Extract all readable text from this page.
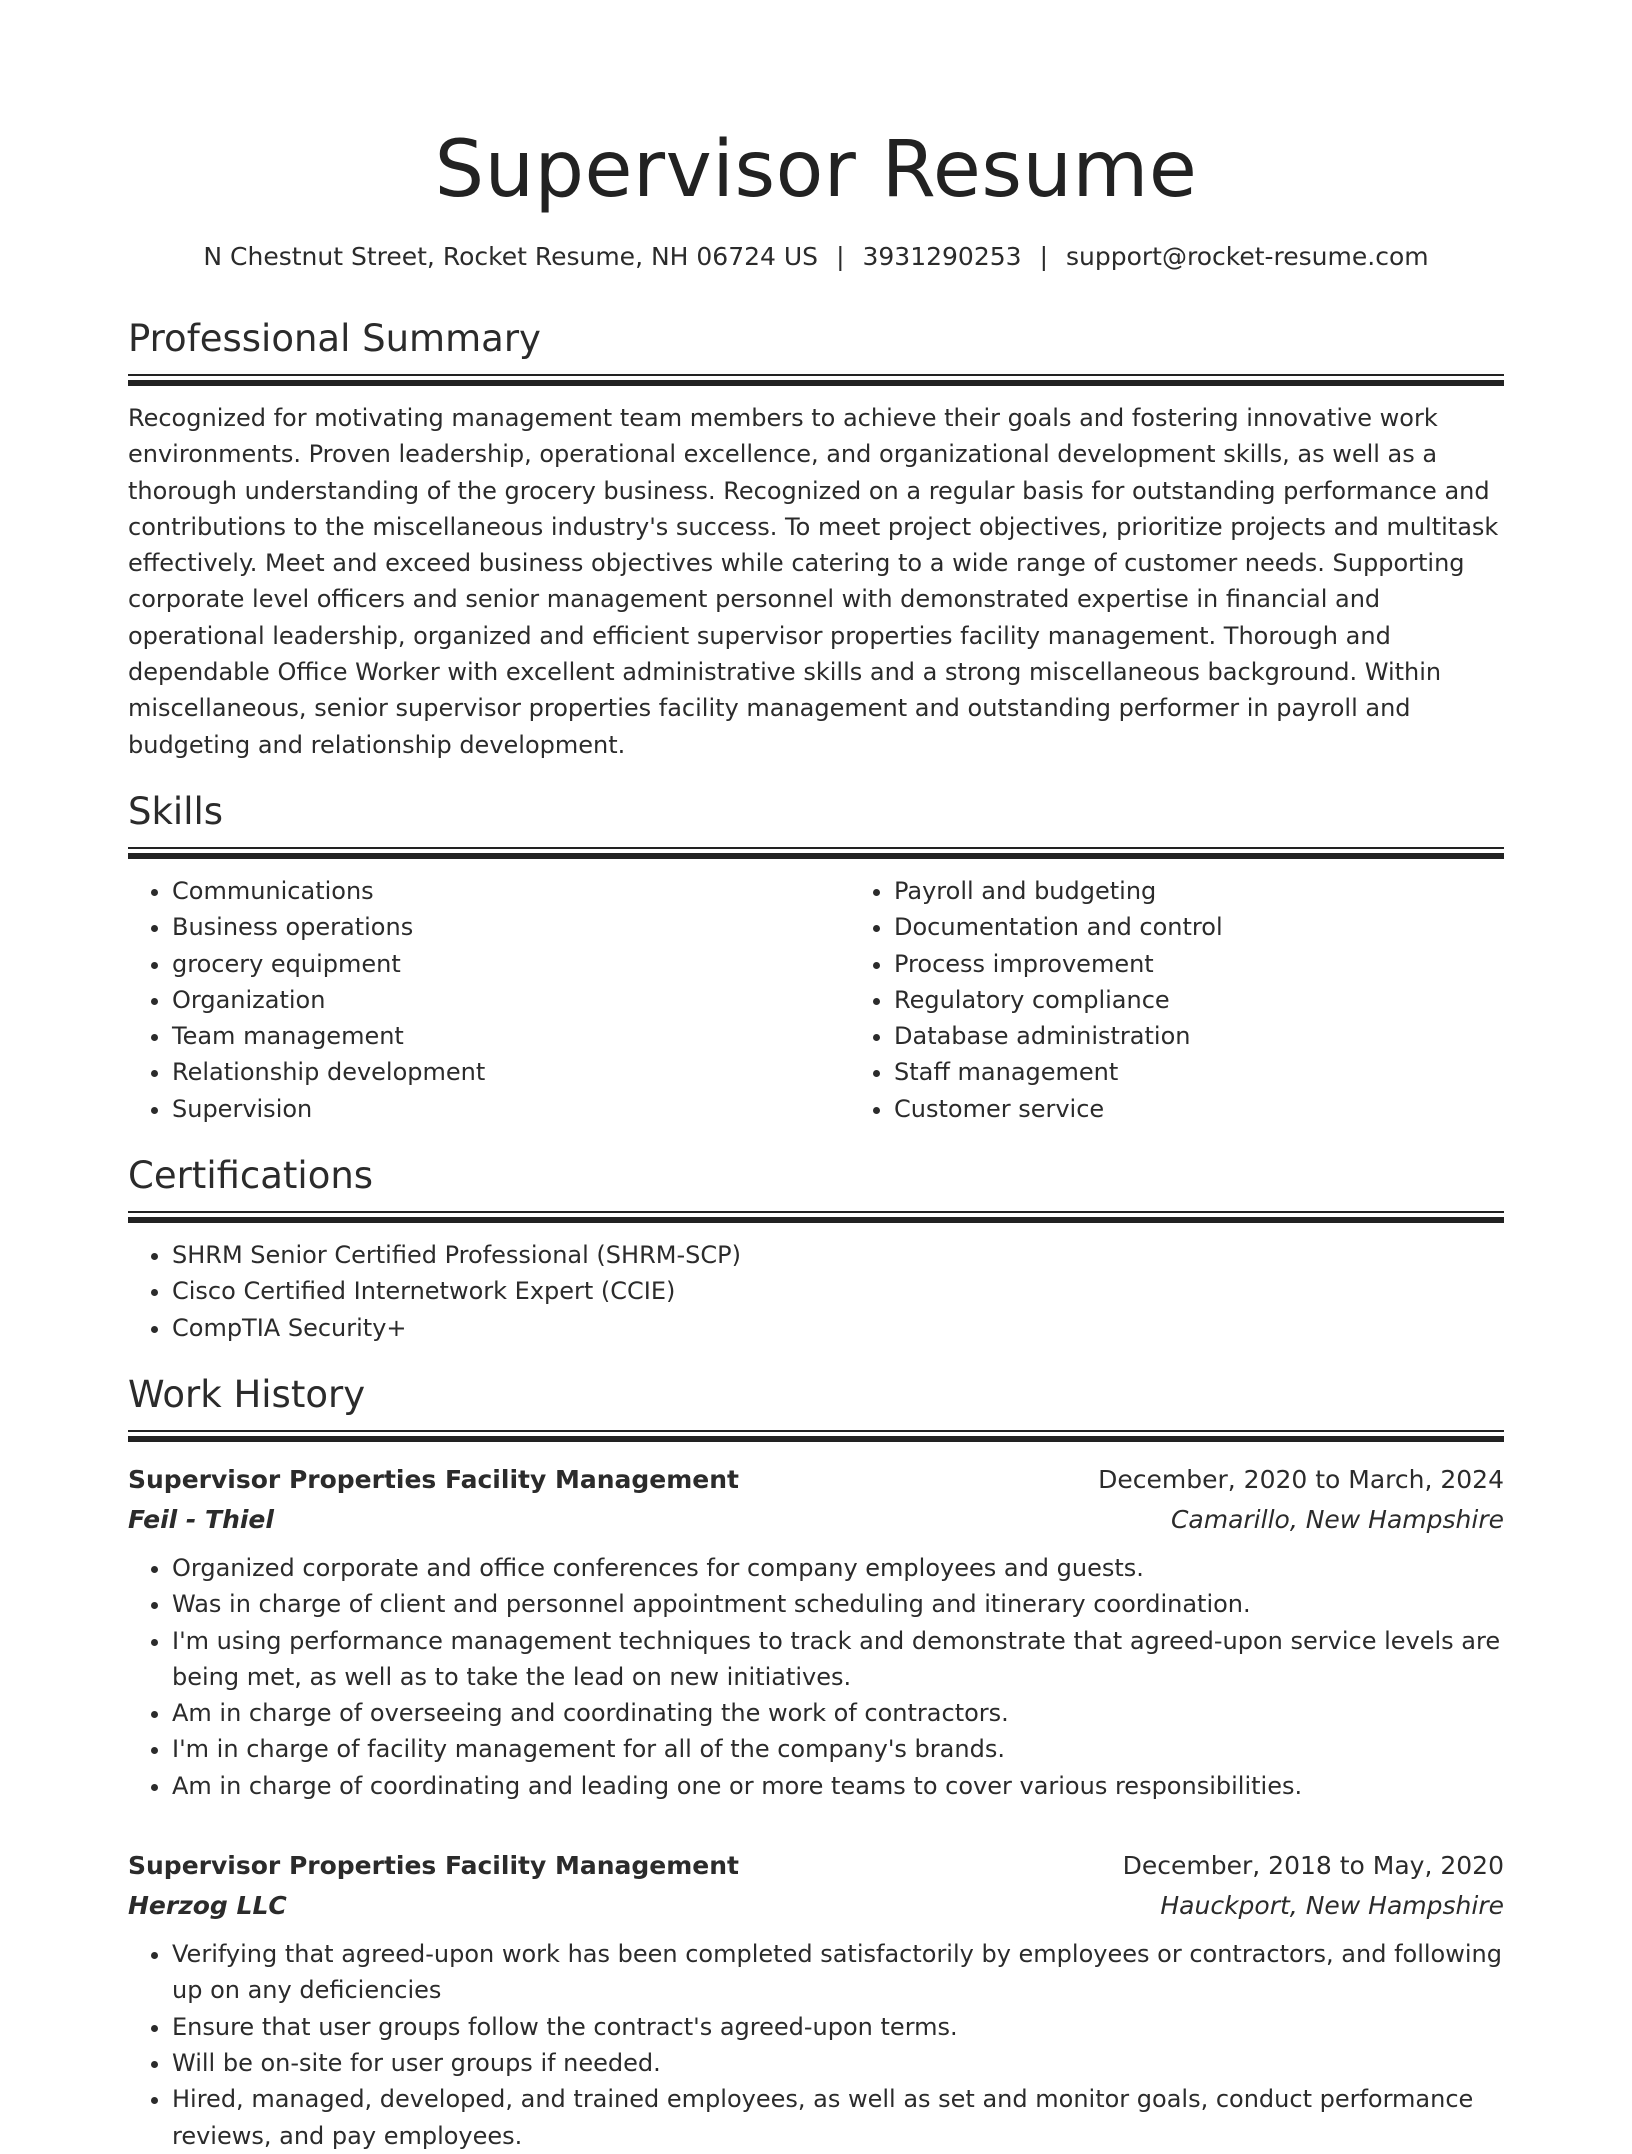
Supervisor Resume
N Chestnut Street, Rocket Resume, NH 06724 US | 3931290253 | support@rocket-resume.com
Professional Summary

Recognized for motivating management team members to achieve their goals and fostering innovative work environments. Proven leadership, operational excellence, and organizational development skills, as well as a thorough understanding of the grocery business. Recognized on a regular basis for outstanding performance and contributions to the miscellaneous industry's success. To meet project objectives, prioritize projects and multitask effectively. Meet and exceed business objectives while catering to a wide range of customer needs. Supporting corporate level officers and senior management personnel with demonstrated expertise in financial and operational leadership, organized and efficient supervisor properties facility management. Thorough and dependable Office Worker with excellent administrative skills and a strong miscellaneous background. Within miscellaneous, senior supervisor properties facility management and outstanding performer in payroll and budgeting and relationship development.

Skills
• Communications
• Business operations
• grocery equipment
• Organization
• Team management
• Relationship development
• Supervision
• Payroll and budgeting
• Documentation and control
• Process improvement
• Regulatory compliance
• Database administration
• Staff management
• Customer service
Certifications
• SHRM Senior Certified Professional (SHRM-SCP)
• Cisco Certified Internetwork Expert (CCIE)
• CompTIA Security+
Work History
Supervisor Properties Facility Management	December, 2020 to March, 2024
Feil - Thiel	Camarillo, New Hampshire
• Organized corporate and office conferences for company employees and guests.
• Was in charge of client and personnel appointment scheduling and itinerary coordination.
• I'm using performance management techniques to track and demonstrate that agreed-upon service levels are being met, as well as to take the lead on new initiatives.
• Am in charge of overseeing and coordinating the work of contractors.
• I'm in charge of facility management for all of the company's brands.
• Am in charge of coordinating and leading one or more teams to cover various responsibilities.
Supervisor Properties Facility Management	December, 2018 to May, 2020
Herzog LLC	Hauckport, New Hampshire
• Verifying that agreed-upon work has been completed satisfactorily by employees or contractors, and following up on any deficiencies
• Ensure that user groups follow the contract's agreed-upon terms.
• Will be on-site for user groups if needed.
• Hired, managed, developed, and trained employees, as well as set and monitor goals, conduct performance reviews, and pay employees.
